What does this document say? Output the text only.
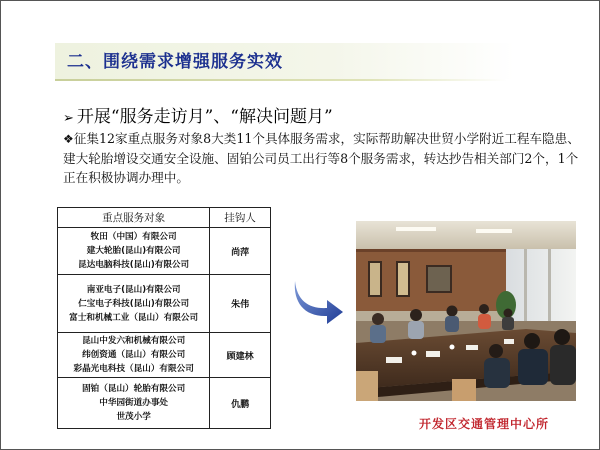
二、围绕需求增强服务实效
➢ 开展“服务走访月”、“解决问题月”
❖征集12家重点服务对象8大类11个具体服务需求，实际帮助解决世贸小学附近工程车隐患、建大轮胎增设交通安全设施、固铂公司员工出行等8个服务需求，转达抄告相关部门2个，1个正在积极协调办理中。
重点服务对象	挂钩人

牧田（中国）有限公司
建大轮胎(昆山)有限公司
昆达电脑科技(昆山)有限公司	尚萍

南亚电子(昆山)有限公司
仁宝电子科技(昆山)有限公司
富士和机械工业（昆山）有限公司	朱伟

昆山中发六和机械有限公司
纬创资通（昆山）有限公司
彩晶光电科技（昆山）有限公司	顾建林

固铂（昆山）轮胎有限公司
中华园街道办事处
世茂小学	仇鹏
开发区交通管理中心所
